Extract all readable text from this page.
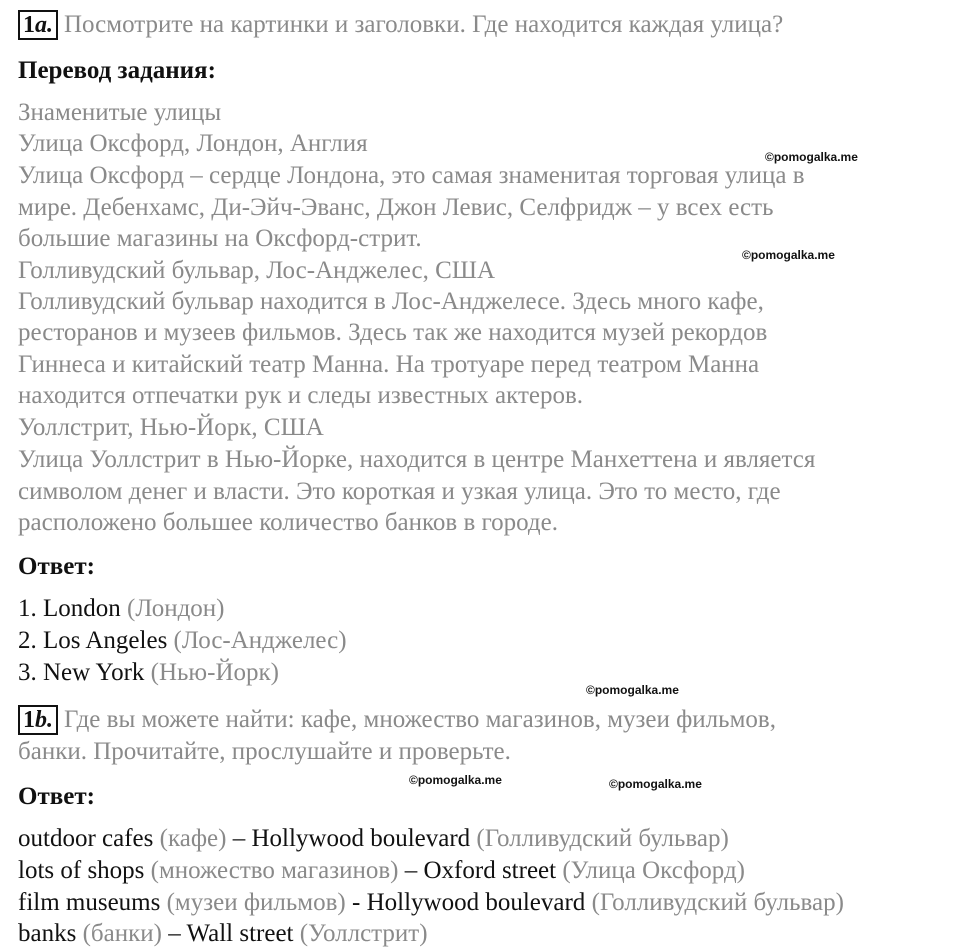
1a. Посмотрите на картинки и заголовки. Где находится каждая улица?
Перевод задания:
Знаменитые улицы
Улица Оксфорд, Лондон, Англия
Улица Оксфорд – сердце Лондона, это самая знаменитая торговая улица в
мире. Дебенхамс, Ди-Эйч-Эванс, Джон Левис, Селфридж – у всех есть
большие магазины на Оксфорд-стрит.
Голливудский бульвар, Лос-Анджелес, США
Голливудский бульвар находится в Лос-Анджелесе. Здесь много кафе,
ресторанов и музеев фильмов. Здесь так же находится музей рекордов
Гиннеса и китайский театр Манна. На тротуаре перед театром Манна
находится отпечатки рук и следы известных актеров.
Уоллстрит, Нью-Йорк, США
Улица Уоллстрит в Нью-Йорке, находится в центре Манхеттена и является
символом денег и власти. Это короткая и узкая улица. Это то место, где
расположено большее количество банков в городе.
Ответ:
1. London (Лондон)
2. Los Angeles (Лос-Анджелес)
3. New York (Нью-Йорк)
1b. Где вы можете найти: кафе, множество магазинов, музеи фильмов,
банки. Прочитайте, прослушайте и проверьте.
Ответ:
outdoor cafes (кафе) – Hollywood boulevard (Голливудский бульвар)
lots of shops (множество магазинов) – Oxford street (Улица Оксфорд)
film museums (музеи фильмов) - Hollywood boulevard (Голливудский бульвар)
banks (банки) – Wall street (Уоллстрит)
©pomogalka.me
©pomogalka.me
©pomogalka.me
©pomogalka.me	©pomogalka.me
